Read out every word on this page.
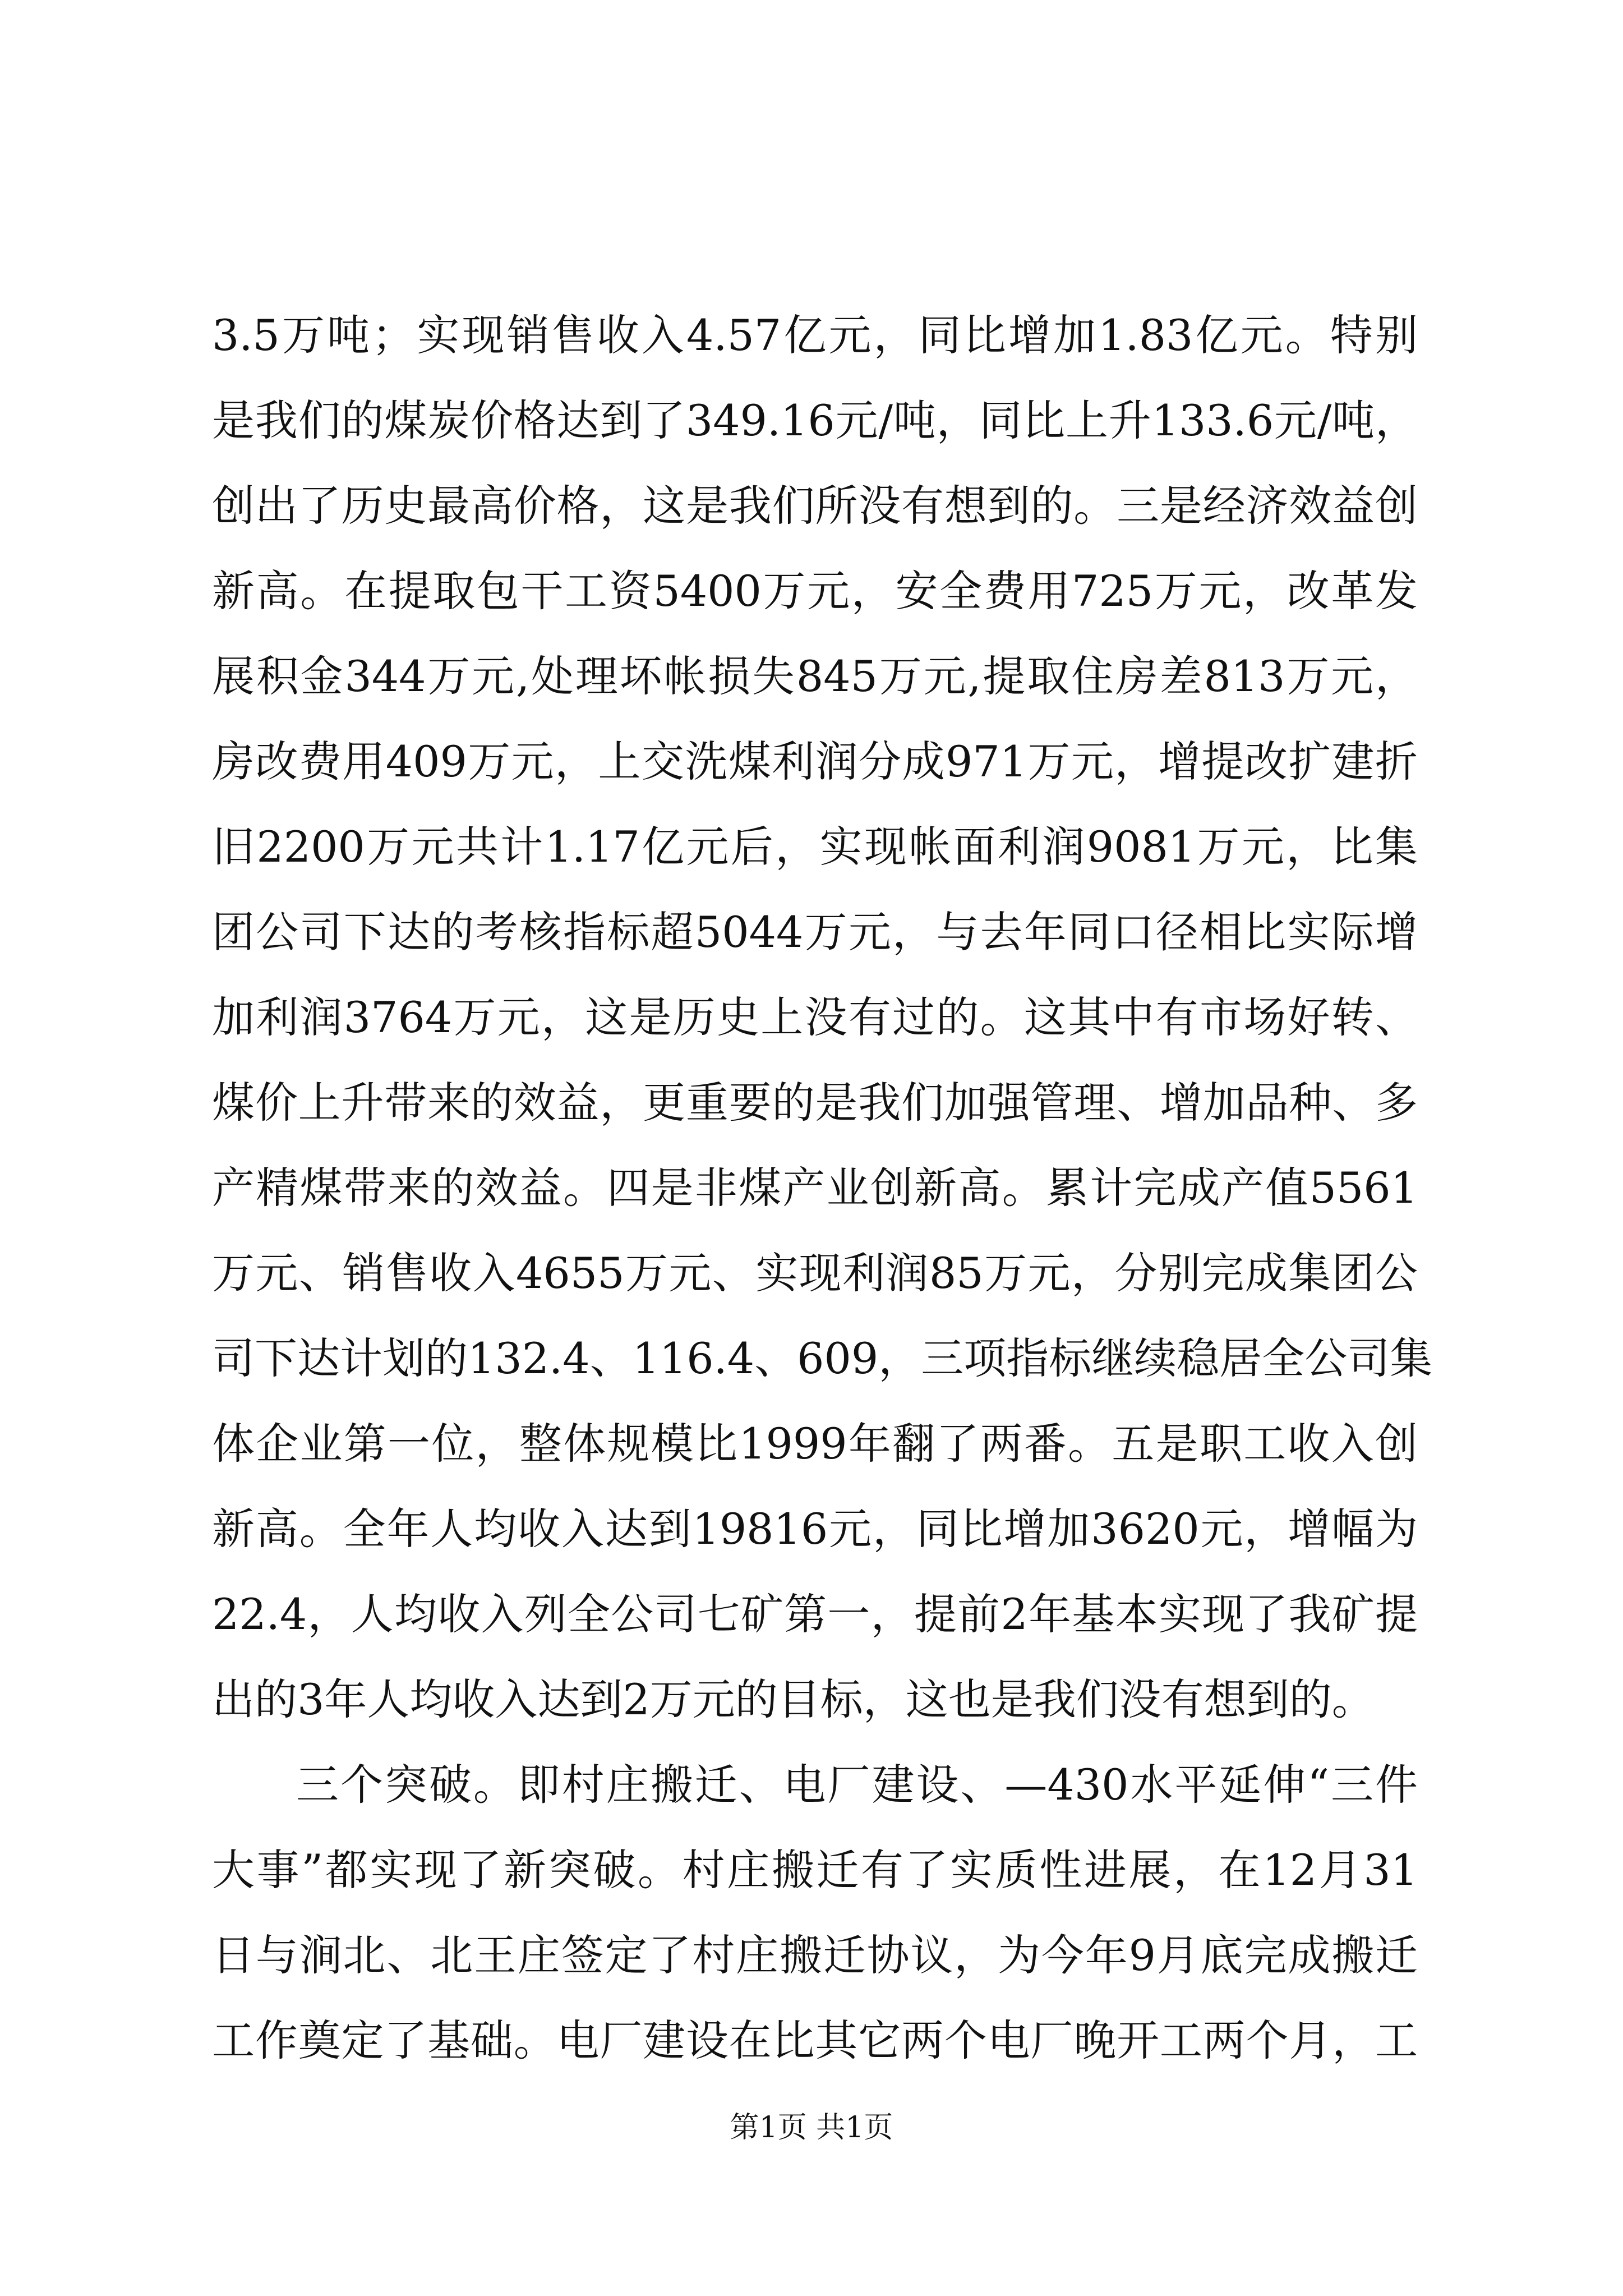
3.5万吨；实现销售收入4.57亿元，同比增加1.83亿元。特别
是我们的煤炭价格达到了349.16元/吨，同比上升133.6元/吨，
创出了历史最高价格，这是我们所没有想到的。三是经济效益创
新高。在提取包干工资5400万元，安全费用725万元，改革发
展积金344万元,处理坏帐损失845万元,提取住房差813万元，
房改费用409万元，上交洗煤利润分成971万元，增提改扩建折
旧2200万元共计1.17亿元后，实现帐面利润9081万元，比集
团公司下达的考核指标超5044万元，与去年同口径相比实际增
加利润3764万元，这是历史上没有过的。这其中有市场好转、
煤价上升带来的效益，更重要的是我们加强管理、增加品种、多
产精煤带来的效益。四是非煤产业创新高。累计完成产值5561
万元、销售收入4655万元、实现利润85万元，分别完成集团公
司下达计划的132.4、116.4、609，三项指标继续稳居全公司集
体企业第一位，整体规模比1999年翻了两番。五是职工收入创
新高。全年人均收入达到19816元，同比增加3620元，增幅为
22.4，人均收入列全公司七矿第一，提前2年基本实现了我矿提
出的3年人均收入达到2万元的目标，这也是我们没有想到的。
三个突破。即村庄搬迁、电厂建设、—430水平延伸“三件
大事”都实现了新突破。村庄搬迁有了实质性进展，在12月31
日与涧北、北王庄签定了村庄搬迁协议，为今年9月底完成搬迁
工作奠定了基础。电厂建设在比其它两个电厂晚开工两个月，工
第1页 共1页
